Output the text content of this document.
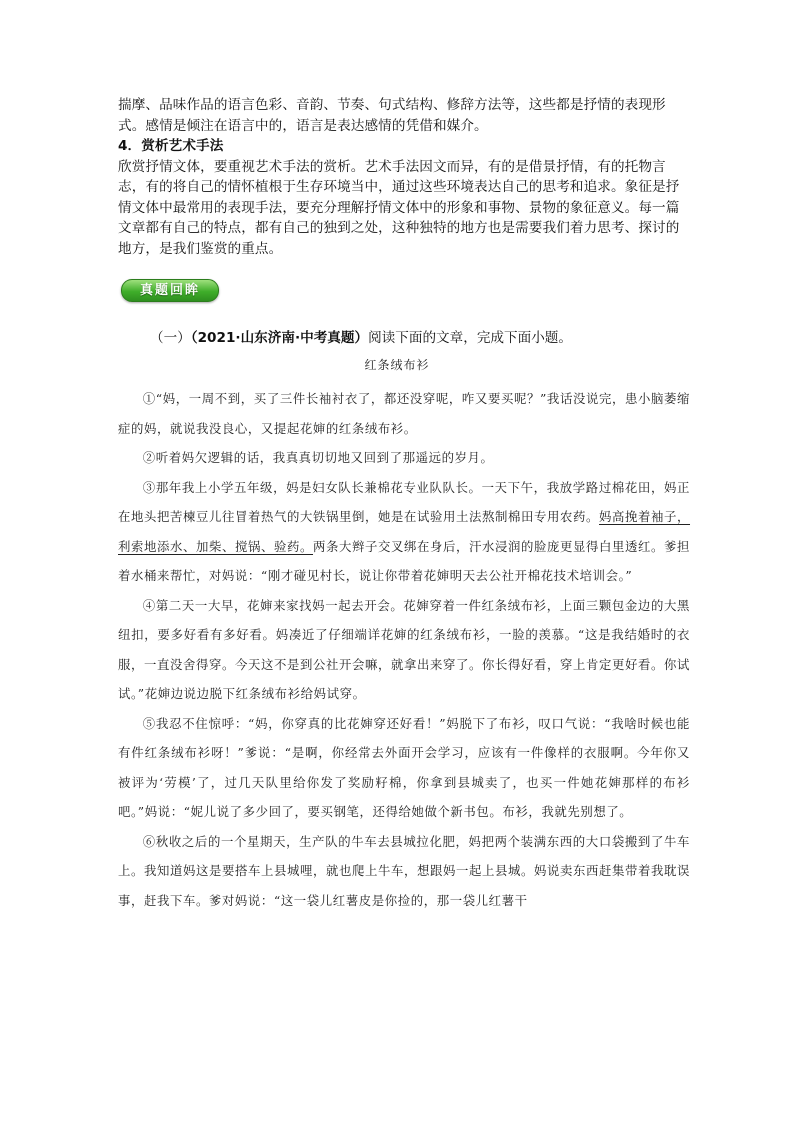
揣摩、品味作品的语言色彩、音韵、节奏、句式结构、修辞方法等，这些都是抒情的表现形式。感情是倾注在语言中的，语言是表达感情的凭借和媒介。

4．赏析艺术手法

欣赏抒情文体，要重视艺术手法的赏析。艺术手法因文而异，有的是借景抒情，有的托物言志，有的将自己的情怀植根于生存环境当中，通过这些环境表达自己的思考和追求。象征是抒情文体中最常用的表现手法，要充分理解抒情文体中的形象和事物、景物的象征意义。每一篇文章都有自己的特点，都有自己的独到之处，这种独特的地方也是需要我们着力思考、探讨的地方，是我们鉴赏的重点。

真题回眸
（一）（2021·山东济南·中考真题）阅读下面的文章，完成下面小题。
红条绒布衫

①“妈，一周不到，买了三件长袖衬衣了，都还没穿呢，咋又要买呢？”我话没说完，患小脑萎缩症的妈，就说我没良心，又提起花婶的红条绒布衫。

②听着妈欠逻辑的话，我真真切切地又回到了那遥远的岁月。

③那年我上小学五年级，妈是妇女队长兼棉花专业队队长。一天下午，我放学路过棉花田，妈正在地头把苦楝豆儿往冒着热气的大铁锅里倒，她是在试验用土法熬制棉田专用农药。妈高挽着袖子，利索地添水、加柴、搅锅、验药。两条大辫子交叉绑在身后，汗水浸润的脸庞更显得白里透红。爹担着水桶来帮忙，对妈说：“刚才碰见村长，说让你带着花婶明天去公社开棉花技术培训会。”

④第二天一大早，花婶来家找妈一起去开会。花婶穿着一件红条绒布衫，上面三颗包金边的大黑纽扣，要多好看有多好看。妈凑近了仔细端详花婶的红条绒布衫，一脸的羡慕。“这是我结婚时的衣服，一直没舍得穿。今天这不是到公社开会嘛，就拿出来穿了。你长得好看，穿上肯定更好看。你试试。”花婶边说边脱下红条绒布衫给妈试穿。

⑤我忍不住惊呼：“妈，你穿真的比花婶穿还好看！”妈脱下了布衫，叹口气说：“我啥时候也能有件红条绒布衫呀！”爹说：“是啊，你经常去外面开会学习，应该有一件像样的衣服啊。今年你又被评为‘劳模’了，过几天队里给你发了奖励籽棉，你拿到县城卖了，也买一件她花婶那样的布衫吧。”妈说：“妮儿说了多少回了，要买钢笔，还得给她做个新书包。布衫，我就先别想了。

⑥秋收之后的一个星期天，生产队的牛车去县城拉化肥，妈把两个装满东西的大口袋搬到了牛车上。我知道妈这是要搭车上县城哩，就也爬上牛车，想跟妈一起上县城。妈说卖东西赶集带着我耽误事，赶我下车。爹对妈说：“这一袋儿红薯皮是你捡的，那一袋儿红薯干
